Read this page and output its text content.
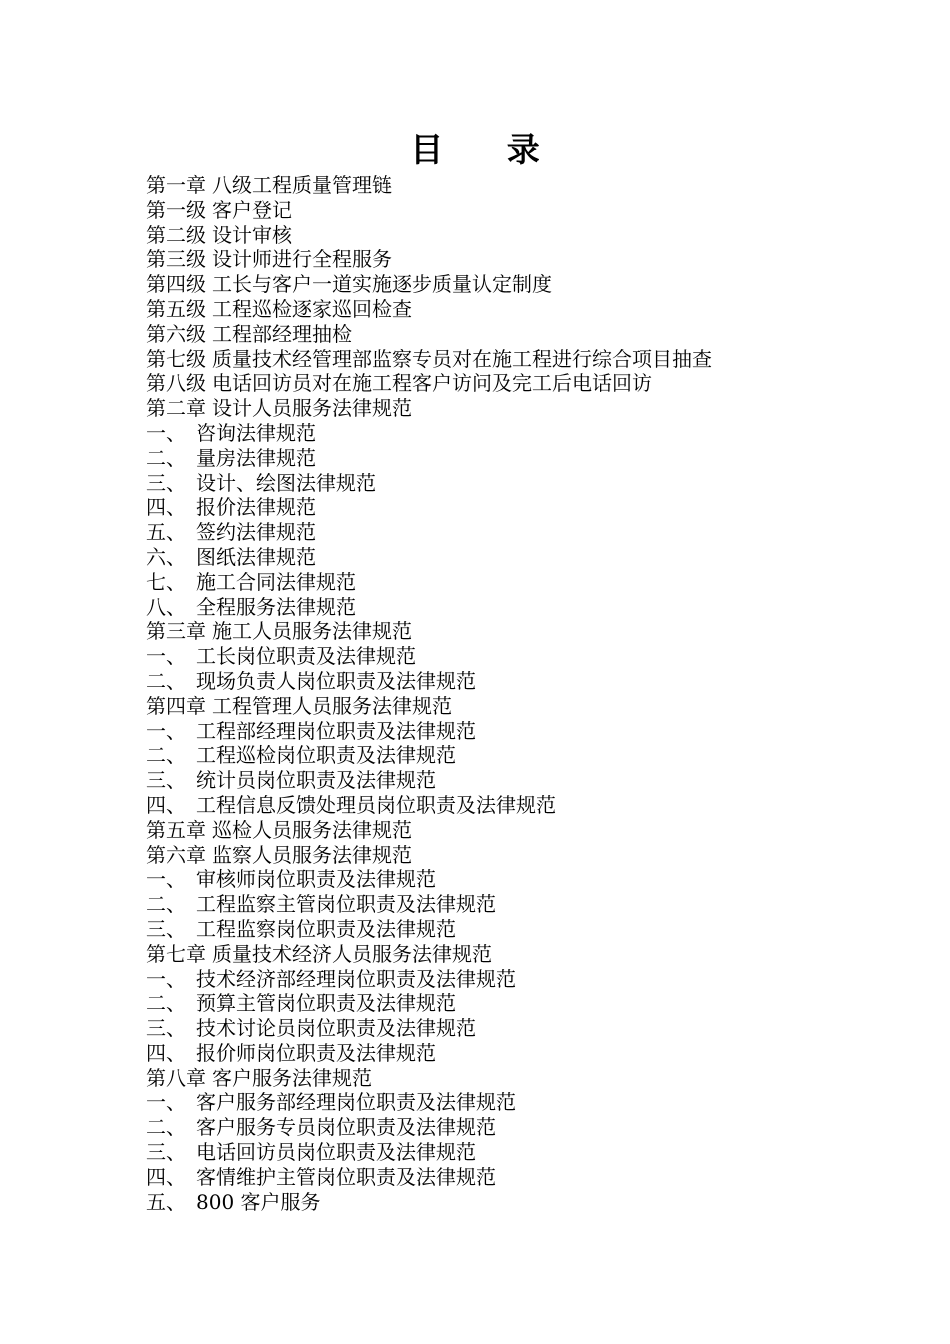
目 录
第一章 八级工程质量管理链
第一级 客户登记
第二级 设计审核
第三级 设计师进行全程服务
第四级 工长与客户一道实施逐步质量认定制度
第五级 工程巡检逐家巡回检查
第六级 工程部经理抽检
第七级 质量技术经管理部监察专员对在施工程进行综合项目抽查
第八级 电话回访员对在施工程客户访问及完工后电话回访
第二章 设计人员服务法律规范
一、 咨询法律规范
二、 量房法律规范
三、 设计、绘图法律规范
四、 报价法律规范
五、 签约法律规范
六、 图纸法律规范
七、 施工合同法律规范
八、 全程服务法律规范
第三章 施工人员服务法律规范
一、 工长岗位职责及法律规范
二、 现场负责人岗位职责及法律规范
第四章 工程管理人员服务法律规范
一、 工程部经理岗位职责及法律规范
二、 工程巡检岗位职责及法律规范
三、 统计员岗位职责及法律规范
四、 工程信息反馈处理员岗位职责及法律规范
第五章 巡检人员服务法律规范
第六章 监察人员服务法律规范
一、 审核师岗位职责及法律规范
二、 工程监察主管岗位职责及法律规范
三、 工程监察岗位职责及法律规范
第七章 质量技术经济人员服务法律规范
一、 技术经济部经理岗位职责及法律规范
二、 预算主管岗位职责及法律规范
三、 技术讨论员岗位职责及法律规范
四、 报价师岗位职责及法律规范
第八章 客户服务法律规范
一、 客户服务部经理岗位职责及法律规范
二、 客户服务专员岗位职责及法律规范
三、 电话回访员岗位职责及法律规范
四、 客情维护主管岗位职责及法律规范
五、 800 客户服务
